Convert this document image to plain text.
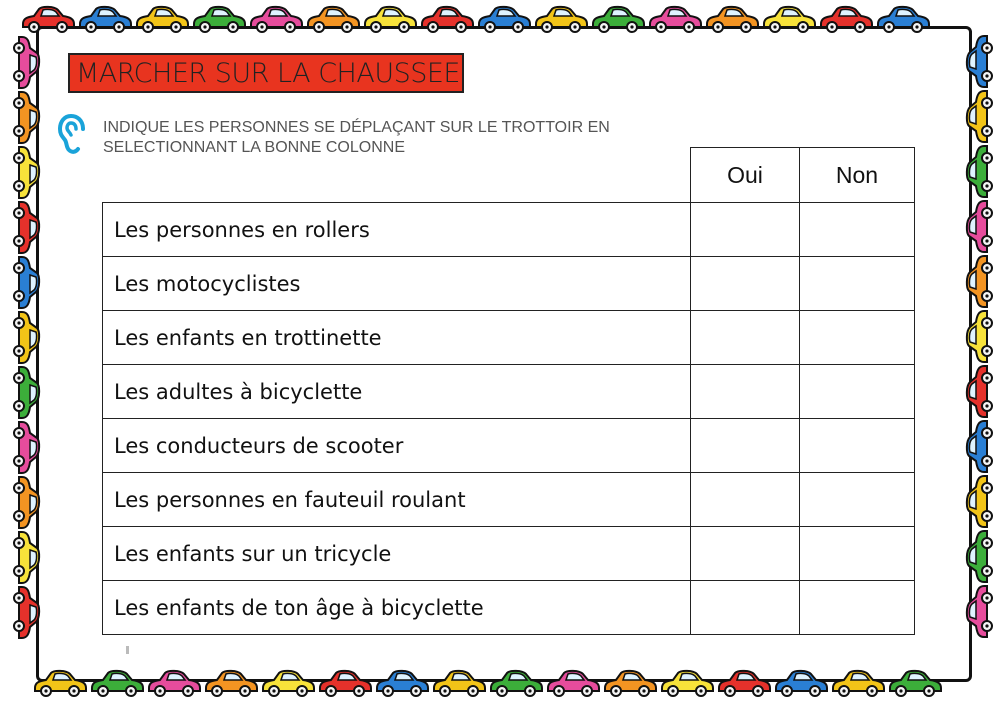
MARCHER SUR LA CHAUSSEE
INDIQUE LES PERSONNES SE DÉPLAÇANT SUR LE TROTTOIR EN
SELECTIONNANT LA BONNE COLONNE
	Oui	Non
Les personnes en rollers		
Les motocyclistes		
Les enfants en trottinette		
Les adultes à bicyclette		
Les conducteurs de scooter		
Les personnes en fauteuil roulant		
Les enfants sur un tricycle		
Les enfants de ton âge à bicyclette		
